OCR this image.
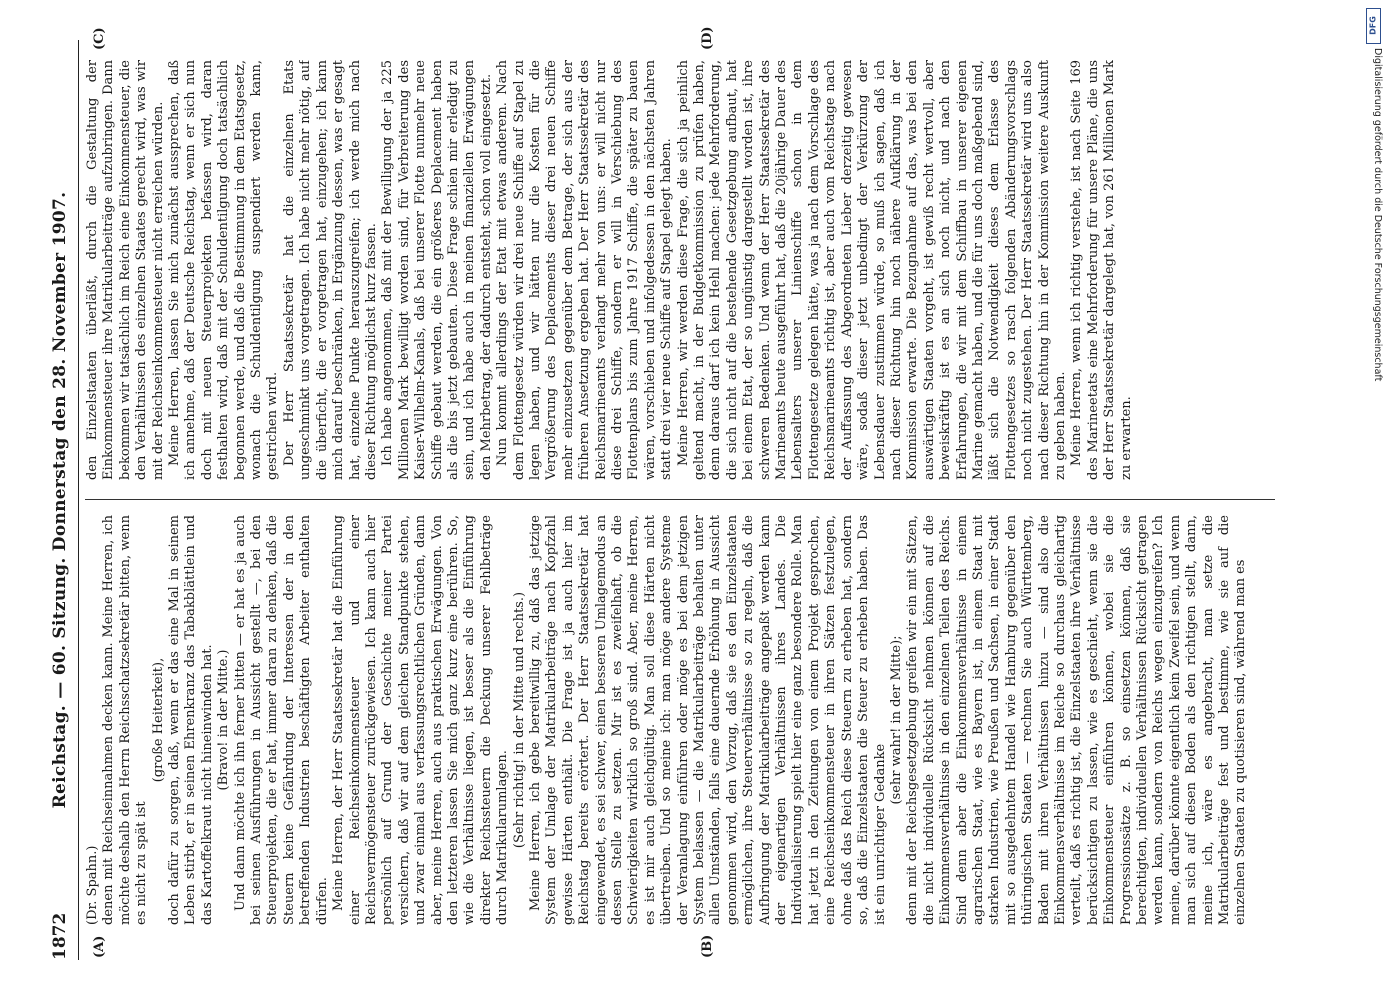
1872
Reichstag. — 60. Sitzung. Donnerstag den 28. November 1907.
(A)	(B)
(C)	(D)

(Dr. Spahn.) denen mit Reichseinnahmen decken kann. Meine Herren, ich möchte deshalb den Herrn Reichsschatzsekretär bitten, wenn es nicht zu spät ist

(große Heiterkeit), doch dafür zu sorgen, daß, wenn er das eine Mal in seinem Leben stirbt, er in seinen Ehrenkranz das Tabakblättlein und das Kartoffelkraut nicht hineinwinden hat. (Bravo! in der Mitte.) Und dann möchte ich ihn ferner bitten — er hat es ja auch bei seinen Ausführungen in Aussicht gestellt —, bei den Steuerprojekten, die er hat, immer daran zu denken, daß die Steuern keine Gefährdung der Interessen der in den betreffenden Industrien beschäftigten Arbeiter enthalten dürfen. Meine Herren, der Herr Staatssekretär hat die Einführung einer Reichseinkommensteuer und einer Reichsvermögensteuer zurückgewiesen. Ich kann auch hier persönlich auf Grund der Geschichte meiner Partei versichern, daß wir auf dem gleichen Standpunkte stehen, und zwar einmal aus verfassungsrechtlichen Gründen, dann aber, meine Herren, auch aus praktischen Erwägungen. Von den letzteren lassen Sie mich ganz kurz eine berühren. So, wie die Verhältnisse liegen, ist besser als die Einführung direkter Reichssteuern die Deckung unserer Fehlbeträge durch Matrikularumlagen. (Sehr richtig! in der Mitte und rechts.) Meine Herren, ich gebe bereitwillig zu, daß das jetzige System der Umlage der Matrikularbeiträge nach Kopfzahl gewisse Härten enthält. Die Frage ist ja auch hier im Reichstag bereits erörtert. Der Herr Staatssekretär hat eingewendet, es sei schwer, einen besseren Umlagemodus an dessen Stelle zu setzen. Mir ist es zweifelhaft, ob die Schwierigkeiten wirklich so groß sind. Aber, meine Herren, es ist mir auch gleichgültig. Man soll diese Härten nicht übertreiben. Und so meine ich: man möge andere Systeme der Veranlagung einführen oder möge es bei dem jetzigen System belassen — die Matrikularbeiträge behalten unter allen Umständen, falls eine dauernde Erhöhung in Aussicht genommen wird, den Vorzug, daß sie es den Einzelstaaten ermöglichen, ihre Steuerverhältnisse so zu regeln, daß die Aufbringung der Matrikularbeiträge angepaßt werden kann der eigenartigen Verhältnissen ihres Landes. Die Individualisierung spielt hier eine ganz besondere Rolle. Man hat jetzt in den Zeitungen von einem Projekt gesprochen, eine Reichseinkommensteuer in ihren Sätzen festzulegen, ohne daß das Reich diese Steuern zu erheben hat, sondern so, daß die Einzelstaaten die Steuer zu erheben haben. Das ist ein unrichtiger Gedanke

(sehr wahr! in der Mitte); denn mit der Reichsgesetzgebung greifen wir ein mit Sätzen, die nicht individuelle Rücksicht nehmen können auf die Einkommensverhältnisse in den einzelnen Teilen des Reichs. Sind denn aber die Einkommensverhältnisse in einem agrarischen Staat, wie es Bayern ist, in einem Staat mit starken Industrien, wie Preußen und Sachsen, in einer Stadt mit so ausgedehntem Handel wie Hamburg gegenüber den thüringischen Staaten — rechnen Sie auch Württemberg, Baden mit ihren Verhältnissen hinzu — sind also die Einkommensverhältnisse im Reiche so durchaus gleichartig verteilt, daß es richtig ist, die Einzelstaaten ihre Verhältnisse berücksichtigen zu lassen, wie es geschieht, wenn sie die Einkommensteuer einführen können, wobei sie die Progressionssätze z. B. so einsetzen können, daß sie berechtigten, individuellen Verhältnissen Rücksicht getragen werden kann, sondern von Reichs wegen einzugreifen? Ich meine, darüber könnte eigentlich kein Zweifel sein, und wenn man sich auf diesen Boden als den richtigen stellt, dann, meine ich, wäre es angebracht, man setze die Matrikularbeiträge fest und bestimme, wie sie auf die einzelnen Staaten zu quotisieren sind, während man es

den Einzelstaaten überläßt, durch die Gestaltung der Einkommensteuer ihre Matrikularbeiträge aufzubringen. Dann bekommen wir tatsächlich im Reich eine Einkommensteuer, die den Verhältnissen des einzelnen Staates gerecht wird, was wir mit der Reichseinkommensteuer nicht erreichen würden. Meine Herren, lassen Sie mich zunächst aussprechen, daß ich annehme, daß der Deutsche Reichstag, wenn er sich nun doch mit neuen Steuerprojekten befassen wird, daran festhalten wird, daß mit der Schuldentilgung doch tatsächlich begonnen werde, und daß die Bestimmung in dem Etatsgesetz, wonach die Schuldentilgung suspendiert werden kann, gestrichen wird. Der Herr Staatssekretär hat die einzelnen Etats ungeschminkt uns vorgetragen. Ich habe nicht mehr nötig, auf die überficht, die er vorgetragen hat, einzugehen; ich kann mich darauf beschränken, in Ergänzung dessen, was er gesagt hat, einzelne Punkte herauszugreifen; ich werde mich nach dieser Richtung möglichst kurz fassen. Ich habe angenommen, daß mit der Bewilligung der ja 225 Millionen Mark bewilligt worden sind, für Verbreiterung des Kaiser-Wilhelm-Kanals, daß bei unserer Flotte nunmehr neue Schiffe gebaut werden, die ein größeres Deplacement haben als die bis jetzt gebauten. Diese Frage schien mir erledigt zu sein, und ich habe auch in meinen finanziellen Erwägungen den Mehrbetrag, der dadurch entsteht, schon voll eingesetzt. Nun kommt allerdings der Etat mit etwas anderem. Nach dem Flottengesetz würden wir drei neue Schiffe auf Stapel zu legen haben, und wir hätten nur die Kosten für die Vergrößerung des Deplacements dieser drei neuen Schiffe mehr einzusetzen gegenüber dem Betrage, der sich aus der früheren Ansetzung ergeben hat. Der Herr Staatssekretär des Reichsmarineamts verlangt mehr von uns: er will nicht nur diese drei Schiffe, sondern er will in Verschiebung des Flottenplans bis zum Jahre 1917 Schiffe, die später zu bauen wären, vorschieben und infolgedessen in den nächsten Jahren statt drei vier neue Schiffe auf Stapel gelegt haben. Meine Herren, wir werden diese Frage, die sich ja peinlich geltend macht, in der Budgetkommission zu prüfen haben, denn daraus darf ich kein Hehl machen: jede Mehrforderung, die sich nicht auf die bestehende Gesetzgebung aufbaut, hat bei einem Etat, der so ungünstig dargestellt worden ist, ihre schweren Bedenken. Und wenn der Herr Staatssekretär des Marineamts heute ausgeführt hat, daß die 20jährige Dauer des Lebensalters unserer Linienschiffe schon in dem Flottengesetze gelegen hätte, was ja nach dem Vorschlage des Reichsmarineamts richtig ist, aber auch vom Reichstage nach der Auffassung des Abgeordneten Lieber derzeitig gewesen wäre, sodaß dieser jetzt unbedingt der Verkürzung der Lebensdauer zustimmen würde, so muß ich sagen, daß ich nach dieser Richtung hin noch nähere Aufklärung in der Kommission erwarte. Die Bezugnahme auf das, was bei den auswärtigen Staaten vorgeht, ist gewiß recht wertvoll, aber beweiskräftig ist es an sich noch nicht, und nach den Erfahrungen, die wir mit dem Schiffbau in unserer eigenen Marine gemacht haben, und die für uns doch maßgebend sind, läßt sich die Notwendigkeit dieses dem Erlasse des Flottengesetzes so rasch folgenden Abänderungsvorschlags noch nicht zugestehen. Der Herr Staatssekretär wird uns also nach dieser Richtung hin in der Kommission weitere Auskunft zu geben haben. Meine Herren, wenn ich richtig verstehe, ist nach Seite 169 des Marineetats eine Mehrforderung für unsere Pläne, die uns der Herr Staatssekretär dargelegt hat, von 261 Millionen Mark zu erwarten.

DFG
Digitalisierung gefördert durch die Deutsche Forschungsgemeinschaft
